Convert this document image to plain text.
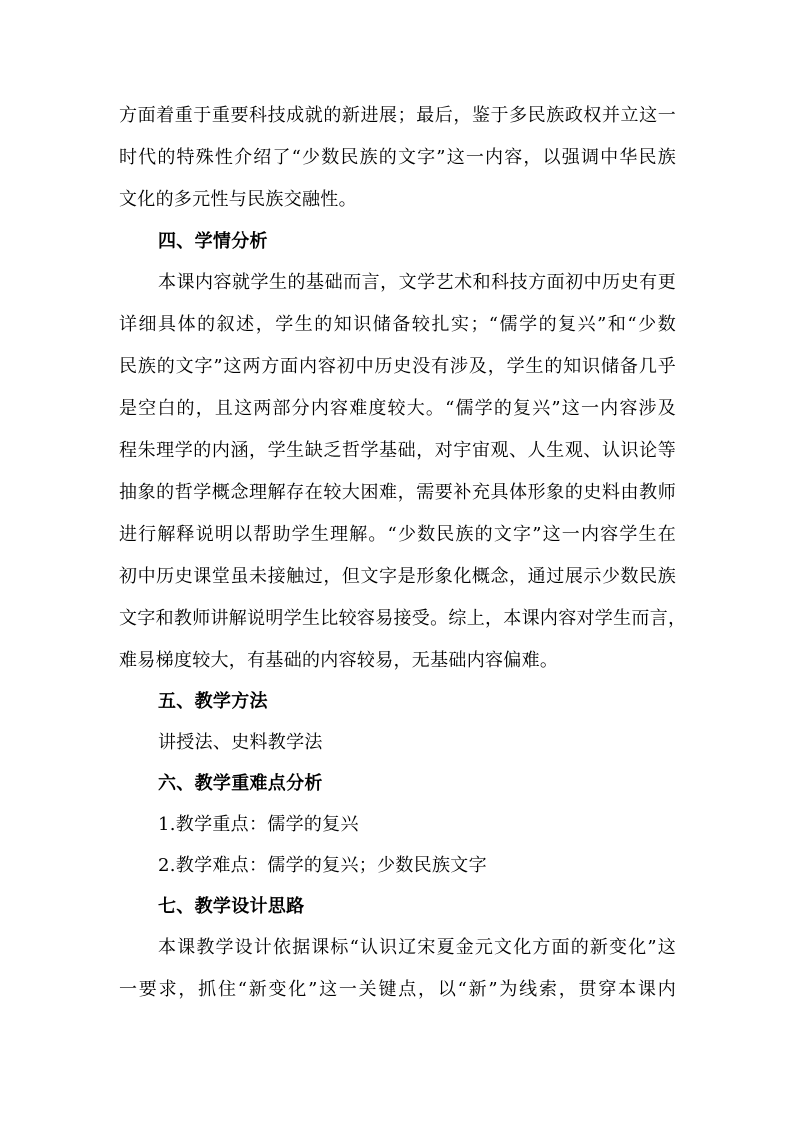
方面着重于重要科技成就的新进展；最后，鉴于多民族政权并立这一
时代的特殊性介绍了“少数民族的文字”这一内容，以强调中华民族
文化的多元性与民族交融性。
四、学情分析
本课内容就学生的基础而言，文学艺术和科技方面初中历史有更
详细具体的叙述，学生的知识储备较扎实；“儒学的复兴”和“少数
民族的文字”这两方面内容初中历史没有涉及，学生的知识储备几乎
是空白的，且这两部分内容难度较大。“儒学的复兴”这一内容涉及
程朱理学的内涵，学生缺乏哲学基础，对宇宙观、人生观、认识论等
抽象的哲学概念理解存在较大困难，需要补充具体形象的史料由教师
进行解释说明以帮助学生理解。“少数民族的文字”这一内容学生在
初中历史课堂虽未接触过，但文字是形象化概念，通过展示少数民族
文字和教师讲解说明学生比较容易接受。综上，本课内容对学生而言，
难易梯度较大，有基础的内容较易，无基础内容偏难。
五、教学方法
讲授法、史料教学法
六、教学重难点分析
1.教学重点：儒学的复兴
2.教学难点：儒学的复兴；少数民族文字
七、教学设计思路
本课教学设计依据课标“认识辽宋夏金元文化方面的新变化”这
一要求，抓住“新变化”这一关键点，以“新”为线索，贯穿本课内
